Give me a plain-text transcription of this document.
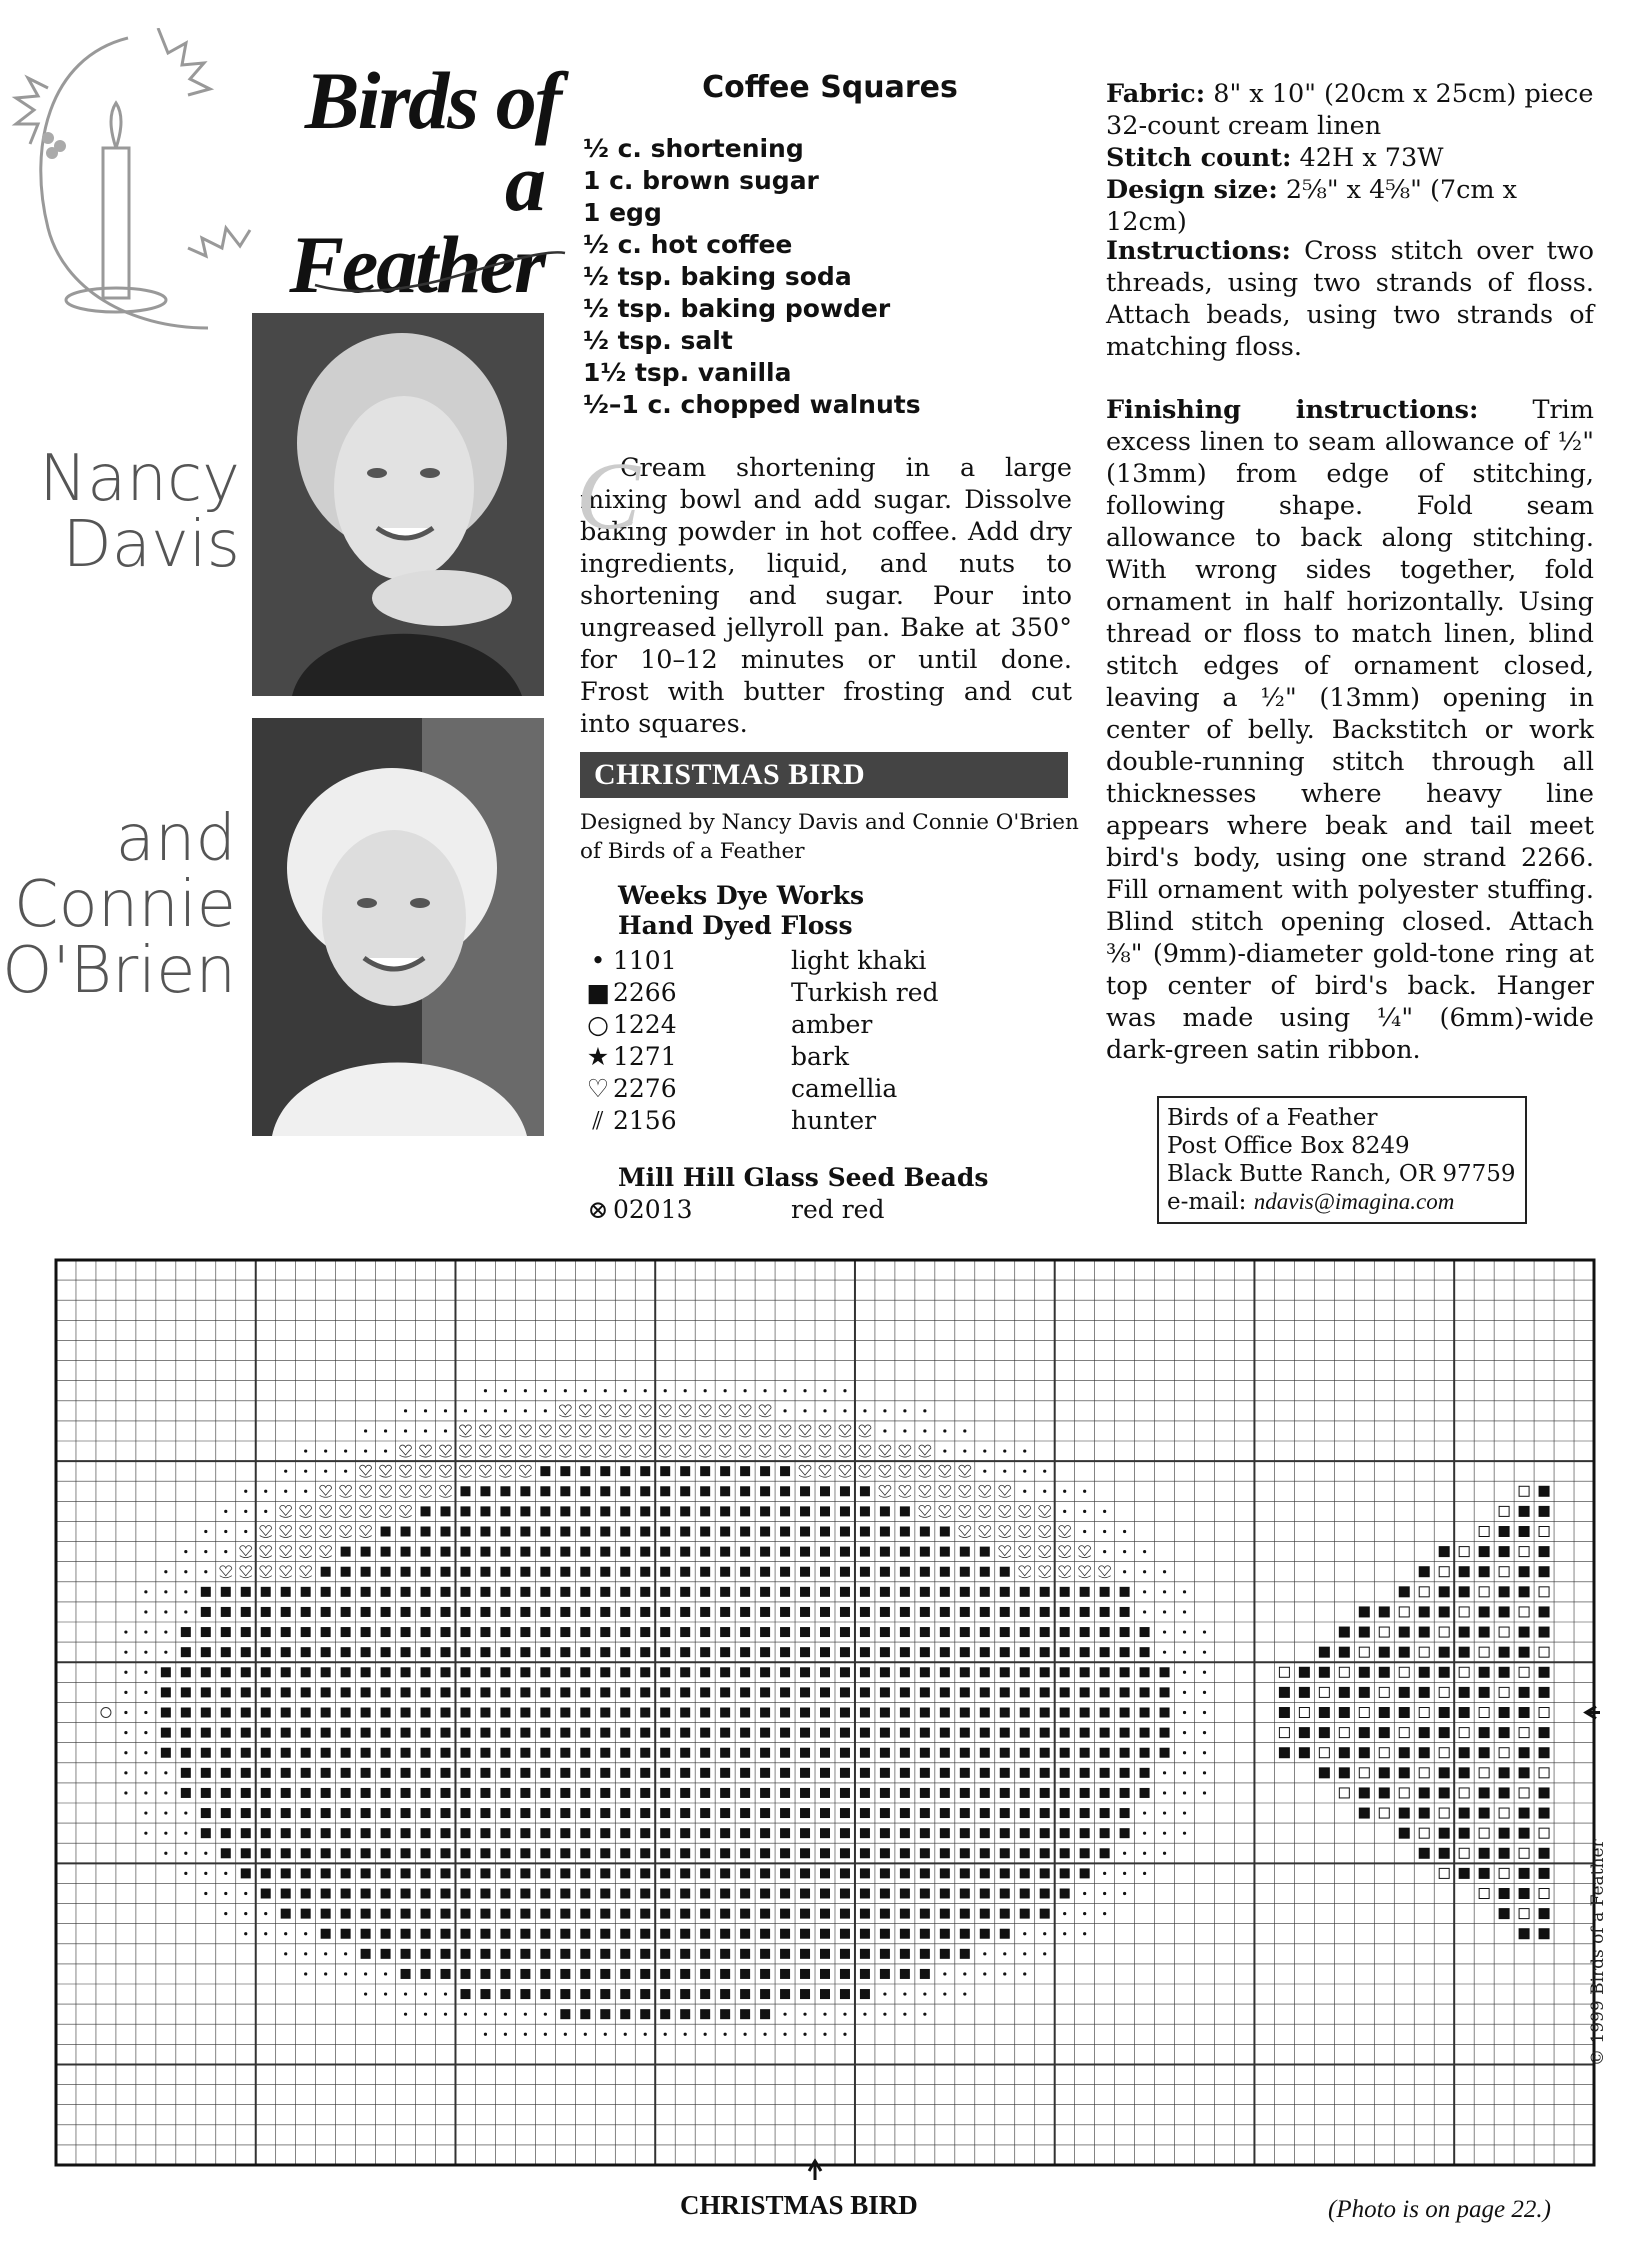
Birds of
a Feather
Nancy
Davis
and
Connie
O'Brien
Coffee Squares
½ c. shortening
1 c. brown sugar
1 egg
½ c. hot coffee
½ tsp. baking soda
½ tsp. baking powder
½ tsp. salt
1½ tsp. vanilla
½–1 c. chopped walnuts
C
Cream shortening in a large mixing bowl and add sugar. Dissolve baking powder in hot coffee. Add dry ingredients, liquid, and nuts to shortening and sugar. Pour into ungreased jellyroll pan. Bake at 350° for 10–12 minutes or until done. Frost with butter frosting and cut into squares.
CHRISTMAS BIRD
Designed by Nancy Davis and Connie O'Brien of Birds of a Feather
Weeks Dye Works
Hand Dyed Floss
• 1101	light khaki
■ 2266	Turkish red
○ 1224	amber
★ 1271	bark
♡ 2276	camellia
⫽ 2156	hunter
Mill Hill Glass Seed Beads
⊗ 02013	red red
Fabric: 8" x 10" (20cm x 25cm) piece 32-count cream linen
Stitch count: 42H x 73W
Design size: 2⅝" x 4⅝" (7cm x 12cm)
Instructions: Cross stitch over two threads, using two strands of floss. Attach beads, using two strands of matching floss.
Finishing instructions: Trim excess linen to seam allowance of ½" (13mm) from edge of stitching, following shape. Fold seam allowance to back along stitching. With wrong sides together, fold ornament in half horizontally. Using thread or floss to match linen, blind stitch edges of ornament closed, leaving a ½" (13mm) opening in center of belly. Backstitch or work double-running stitch through all thicknesses where heavy line appears where beak and tail meet bird's body, using one strand 2266. Fill ornament with polyester stuffing. Blind stitch opening closed. Attach ⅜" (9mm)-diameter gold-tone ring at top center of bird's back. Hanger was made using ¼" (6mm)-wide dark-green satin ribbon.
Birds of a Feather
Post Office Box 8249
Black Butte Ranch, OR 97759
e-mail: ndavis@imagina.com
CHRISTMAS BIRD	(Photo is on page 22.)
© 1999 Birds of a Feather
